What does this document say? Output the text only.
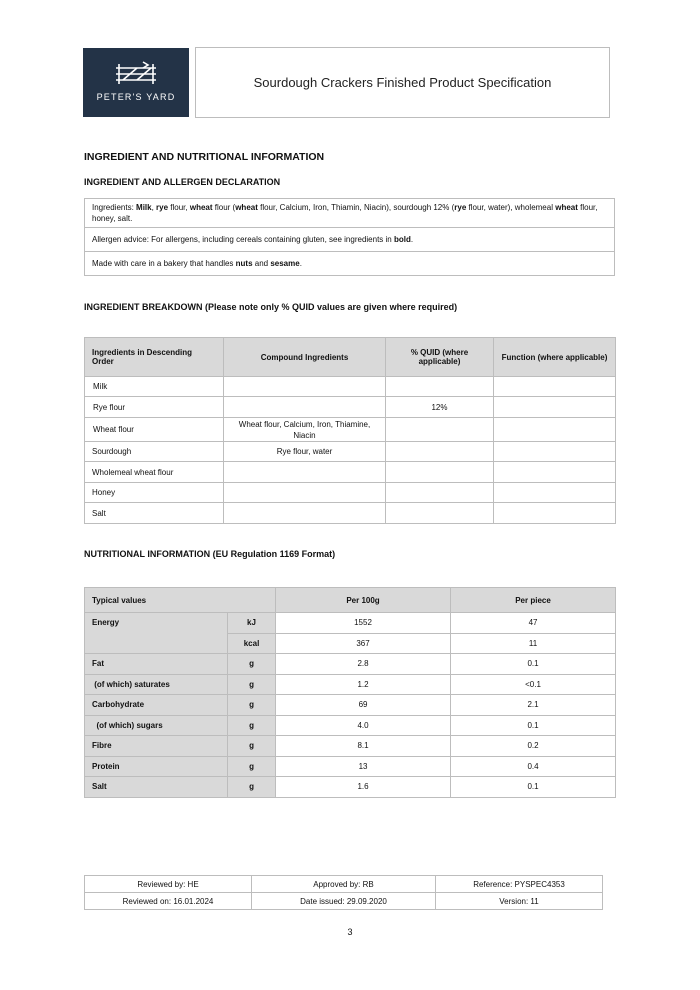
PETER'S YARD
Sourdough Crackers Finished Product Specification
INGREDIENT AND NUTRITIONAL INFORMATION
INGREDIENT AND ALLERGEN DECLARATION
Ingredients: Milk, rye flour, wheat flour (wheat flour, Calcium, Iron, Thiamin, Niacin), sourdough 12% (rye flour, water), wholemeal wheat flour, honey, salt.
Allergen advice: For allergens, including cereals containing gluten, see ingredients in bold.
Made with care in a bakery that handles nuts and sesame.
INGREDIENT BREAKDOWN (Please note only % QUID values are given where required)
Ingredients in Descending Order	Compound Ingredients	% QUID (where applicable)	Function (where applicable)
Milk			
Rye flour		12%	
Wheat flour	Wheat flour, Calcium, Iron, Thiamine, Niacin		
Sourdough	Rye flour, water		
Wholemeal wheat flour			
Honey			
Salt			
NUTRITIONAL INFORMATION (EU Regulation 1169 Format)
Typical values		Per 100g	Per piece
Energy	kJ	1552	47
	kcal	367	11
Fat	g	2.8	0.1
(of which) saturates	g	1.2	<0.1
Carbohydrate	g	69	2.1
(of which) sugars	g	4.0	0.1
Fibre	g	8.1	0.2
Protein	g	13	0.4
Salt	g	1.6	0.1
Reviewed by: HE	Approved by: RB	Reference: PYSPEC4353
Reviewed on: 16.01.2024	Date issued: 29.09.2020	Version: 11
3
